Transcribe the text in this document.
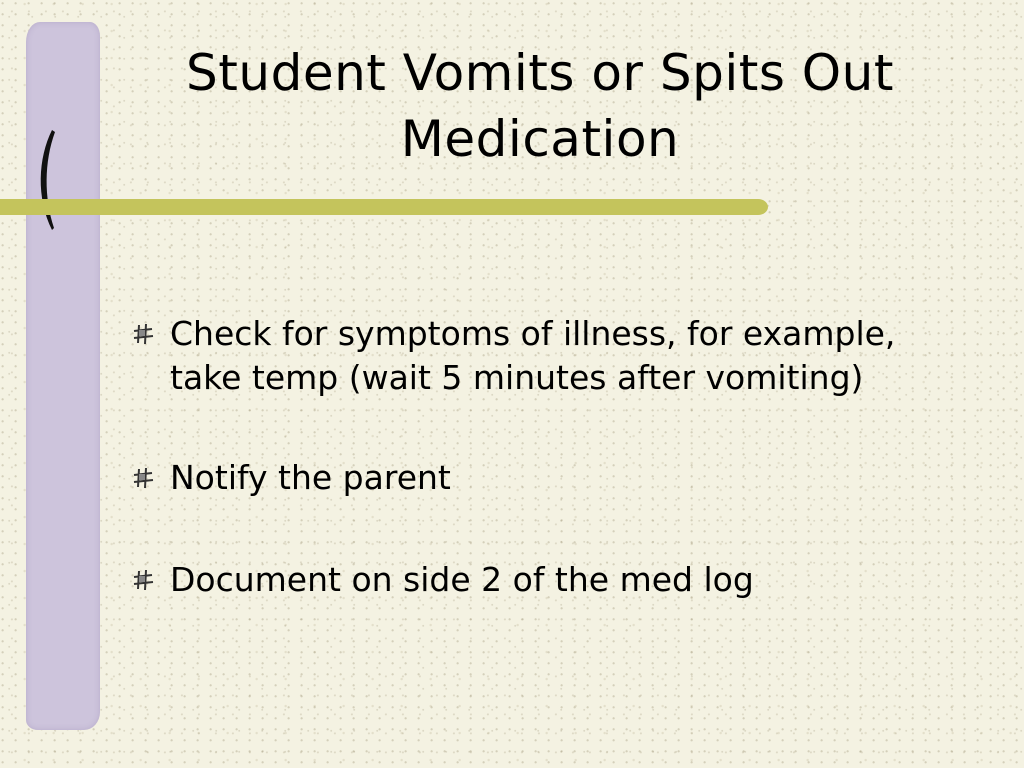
Student Vomits or Spits Out
Medication
Check for symptoms of illness, for example, take temp (wait 5 minutes after vomiting)
Notify the parent
Document on side 2 of the med log
